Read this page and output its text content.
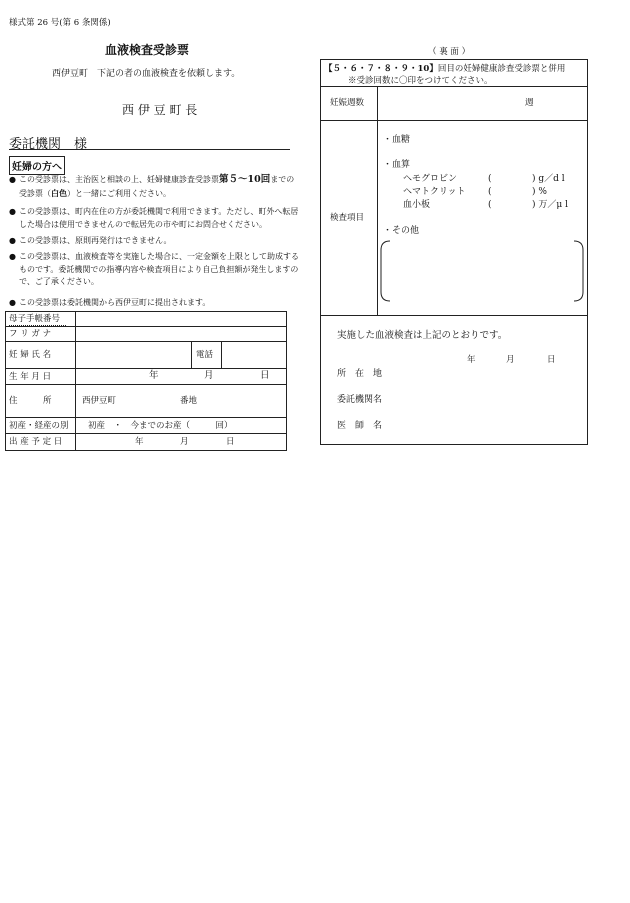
様式第 26 号(第 6 条関係)
血液検査受診票
西伊豆町　下記の者の血液検査を依頼します。
西 伊 豆 町 長
委託機関　様
妊婦の方へ
● この受診票は、主治医と相談の上、妊婦健康診査受診票第５〜10回までの受診票（白色）と一緒にご利用ください。
● この受診票は、町内在住の方が委託機関で利用できます。ただし、町外へ転居した場合は使用できませんので転居先の市や町にお問合せください。
● この受診票は、原則再発行はできません。
● この受診票は、血液検査等を実施した場合に、一定金額を上限として助成するものです。委託機関での指導内容や検査項目により自己負担額が発生しますので、ご了承ください。
● この受診票は委託機関から西伊豆町に提出されます。
母子手帳番号
フ リ ガ ナ
妊 婦 氏 名	電話
生 年 月 日	年	月	日
住　　　所	西伊豆町	番地
初産・経産の別 初産　・　今までのお産（　　　回）
出 産 予 定 日	年	月	日
（ 裏 面 ）
【５・６・７・８・９・10】回目の妊婦健康診査受診票と併用
※受診回数に〇印をつけてください。
妊娠週数	週
検査項目
・血糖
・血算
ヘモグロビン	(	) g／d l
ヘマトクリット	(	) %
血小板	(	) 万／μ l
・その他
実施した血液検査は上記のとおりです。
年	月	日
所　在　地
委託機関名
医　師　名
